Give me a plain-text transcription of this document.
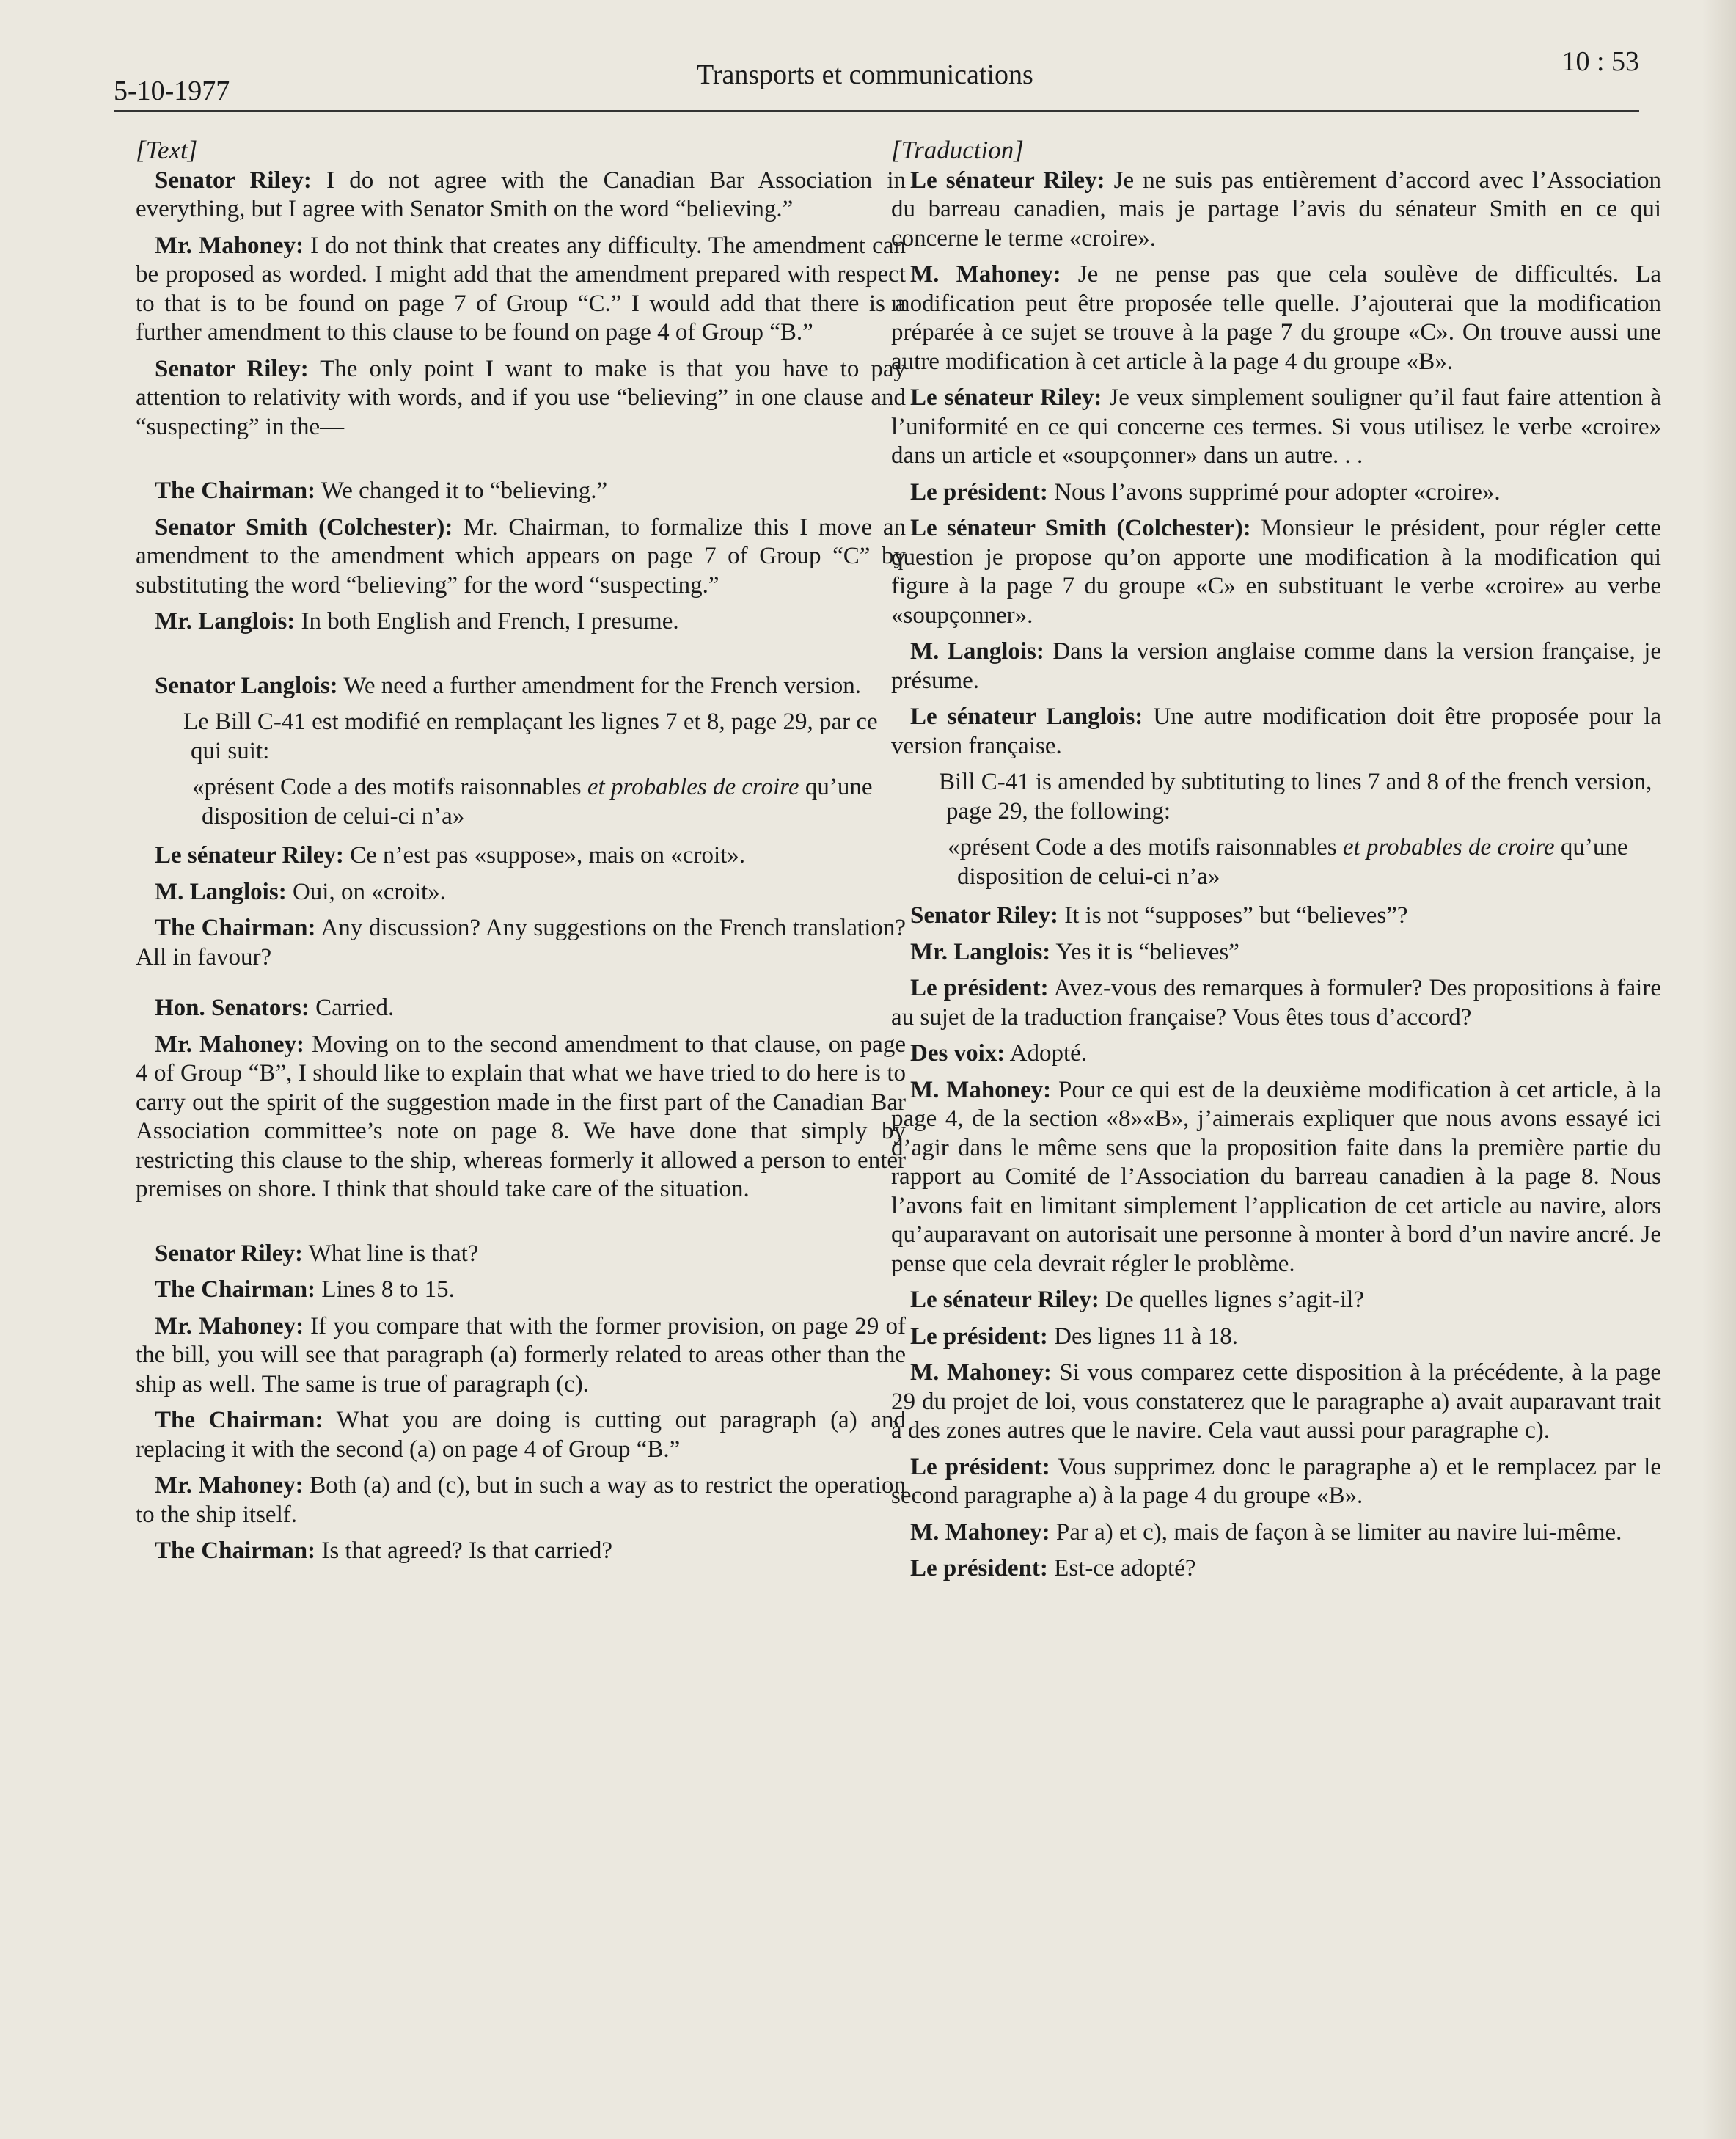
5-10-1977
Transports et communications	10 : 53

[Text]

Senator Riley: I do not agree with the Canadian Bar Association in everything, but I agree with Senator Smith on the word “believing.”

Mr. Mahoney: I do not think that creates any difficulty. The amendment can be proposed as worded. I might add that the amendment prepared with respect to that is to be found on page 7 of Group “C.” I would add that there is a further amendment to this clause to be found on page 4 of Group “B.”

Senator Riley: The only point I want to make is that you have to pay attention to relativity with words, and if you use “believing” in one clause and “suspecting” in the—

The Chairman: We changed it to “believing.”

Senator Smith (Colchester): Mr. Chairman, to formalize this I move an amendment to the amendment which appears on page 7 of Group “C” by substituting the word “believing” for the word “suspecting.”

Mr. Langlois: In both English and French, I presume.

Senator Langlois: We need a further amendment for the French version.

Le Bill C-41 est modifié en remplaçant les lignes 7 et 8, page 29, par ce qui suit:

«présent Code a des motifs raisonnables et probables de croire qu’une disposition de celui-ci n’a»

Le sénateur Riley: Ce n’est pas «suppose», mais on «croit».

M. Langlois: Oui, on «croit».

The Chairman: Any discussion? Any suggestions on the French translation? All in favour?

Hon. Senators: Carried.

Mr. Mahoney: Moving on to the second amendment to that clause, on page 4 of Group “B”, I should like to explain that what we have tried to do here is to carry out the spirit of the suggestion made in the first part of the Canadian Bar Association committee’s note on page 8. We have done that simply by restricting this clause to the ship, whereas formerly it allowed a person to enter premises on shore. I think that should take care of the situation.

Senator Riley: What line is that?

The Chairman: Lines 8 to 15.

Mr. Mahoney: If you compare that with the former provision, on page 29 of the bill, you will see that paragraph (a) formerly related to areas other than the ship as well. The same is true of paragraph (c).

The Chairman: What you are doing is cutting out paragraph (a) and replacing it with the second (a) on page 4 of Group “B.”

Mr. Mahoney: Both (a) and (c), but in such a way as to restrict the operation to the ship itself.

The Chairman: Is that agreed? Is that carried?

[Traduction]

Le sénateur Riley: Je ne suis pas entièrement d’accord avec l’Association du barreau canadien, mais je partage l’avis du sénateur Smith en ce qui concerne le terme «croire».

M. Mahoney: Je ne pense pas que cela soulève de difficultés. La modification peut être proposée telle quelle. J’ajouterai que la modification préparée à ce sujet se trouve à la page 7 du groupe «C». On trouve aussi une autre modification à cet article à la page 4 du groupe «B».

Le sénateur Riley: Je veux simplement souligner qu’il faut faire attention à l’uniformité en ce qui concerne ces termes. Si vous utilisez le verbe «croire» dans un article et «soupçonner» dans un autre. . .

Le président: Nous l’avons supprimé pour adopter «croire».

Le sénateur Smith (Colchester): Monsieur le président, pour régler cette question je propose qu’on apporte une modification à la modification qui figure à la page 7 du groupe «C» en substituant le verbe «croire» au verbe «soupçonner».

M. Langlois: Dans la version anglaise comme dans la version française, je présume.

Le sénateur Langlois: Une autre modification doit être proposée pour la version française.

Bill C-41 is amended by subtituting to lines 7 and 8 of the french version, page 29, the following:

«présent Code a des motifs raisonnables et probables de croire qu’une disposition de celui-ci n’a»

Senator Riley: It is not “supposes” but “believes”?

Mr. Langlois: Yes it is “believes”

Le président: Avez-vous des remarques à formuler? Des propositions à faire au sujet de la traduction française? Vous êtes tous d’accord?

Des voix: Adopté.

M. Mahoney: Pour ce qui est de la deuxième modification à cet article, à la page 4, de la section «8»«B», j’aimerais expliquer que nous avons essayé ici d’agir dans le même sens que la proposition faite dans la première partie du rapport au Comité de l’Association du barreau canadien à la page 8. Nous l’avons fait en limitant simplement l’application de cet article au navire, alors qu’auparavant on autorisait une personne à monter à bord d’un navire ancré. Je pense que cela devrait régler le problème.

Le sénateur Riley: De quelles lignes s’agit-il?

Le président: Des lignes 11 à 18.

M. Mahoney: Si vous comparez cette disposition à la précédente, à la page 29 du projet de loi, vous constaterez que le paragraphe a) avait auparavant trait à des zones autres que le navire. Cela vaut aussi pour paragraphe c).

Le président: Vous supprimez donc le paragraphe a) et le remplacez par le second paragraphe a) à la page 4 du groupe «B».

M. Mahoney: Par a) et c), mais de façon à se limiter au navire lui-même.

Le président: Est-ce adopté?
